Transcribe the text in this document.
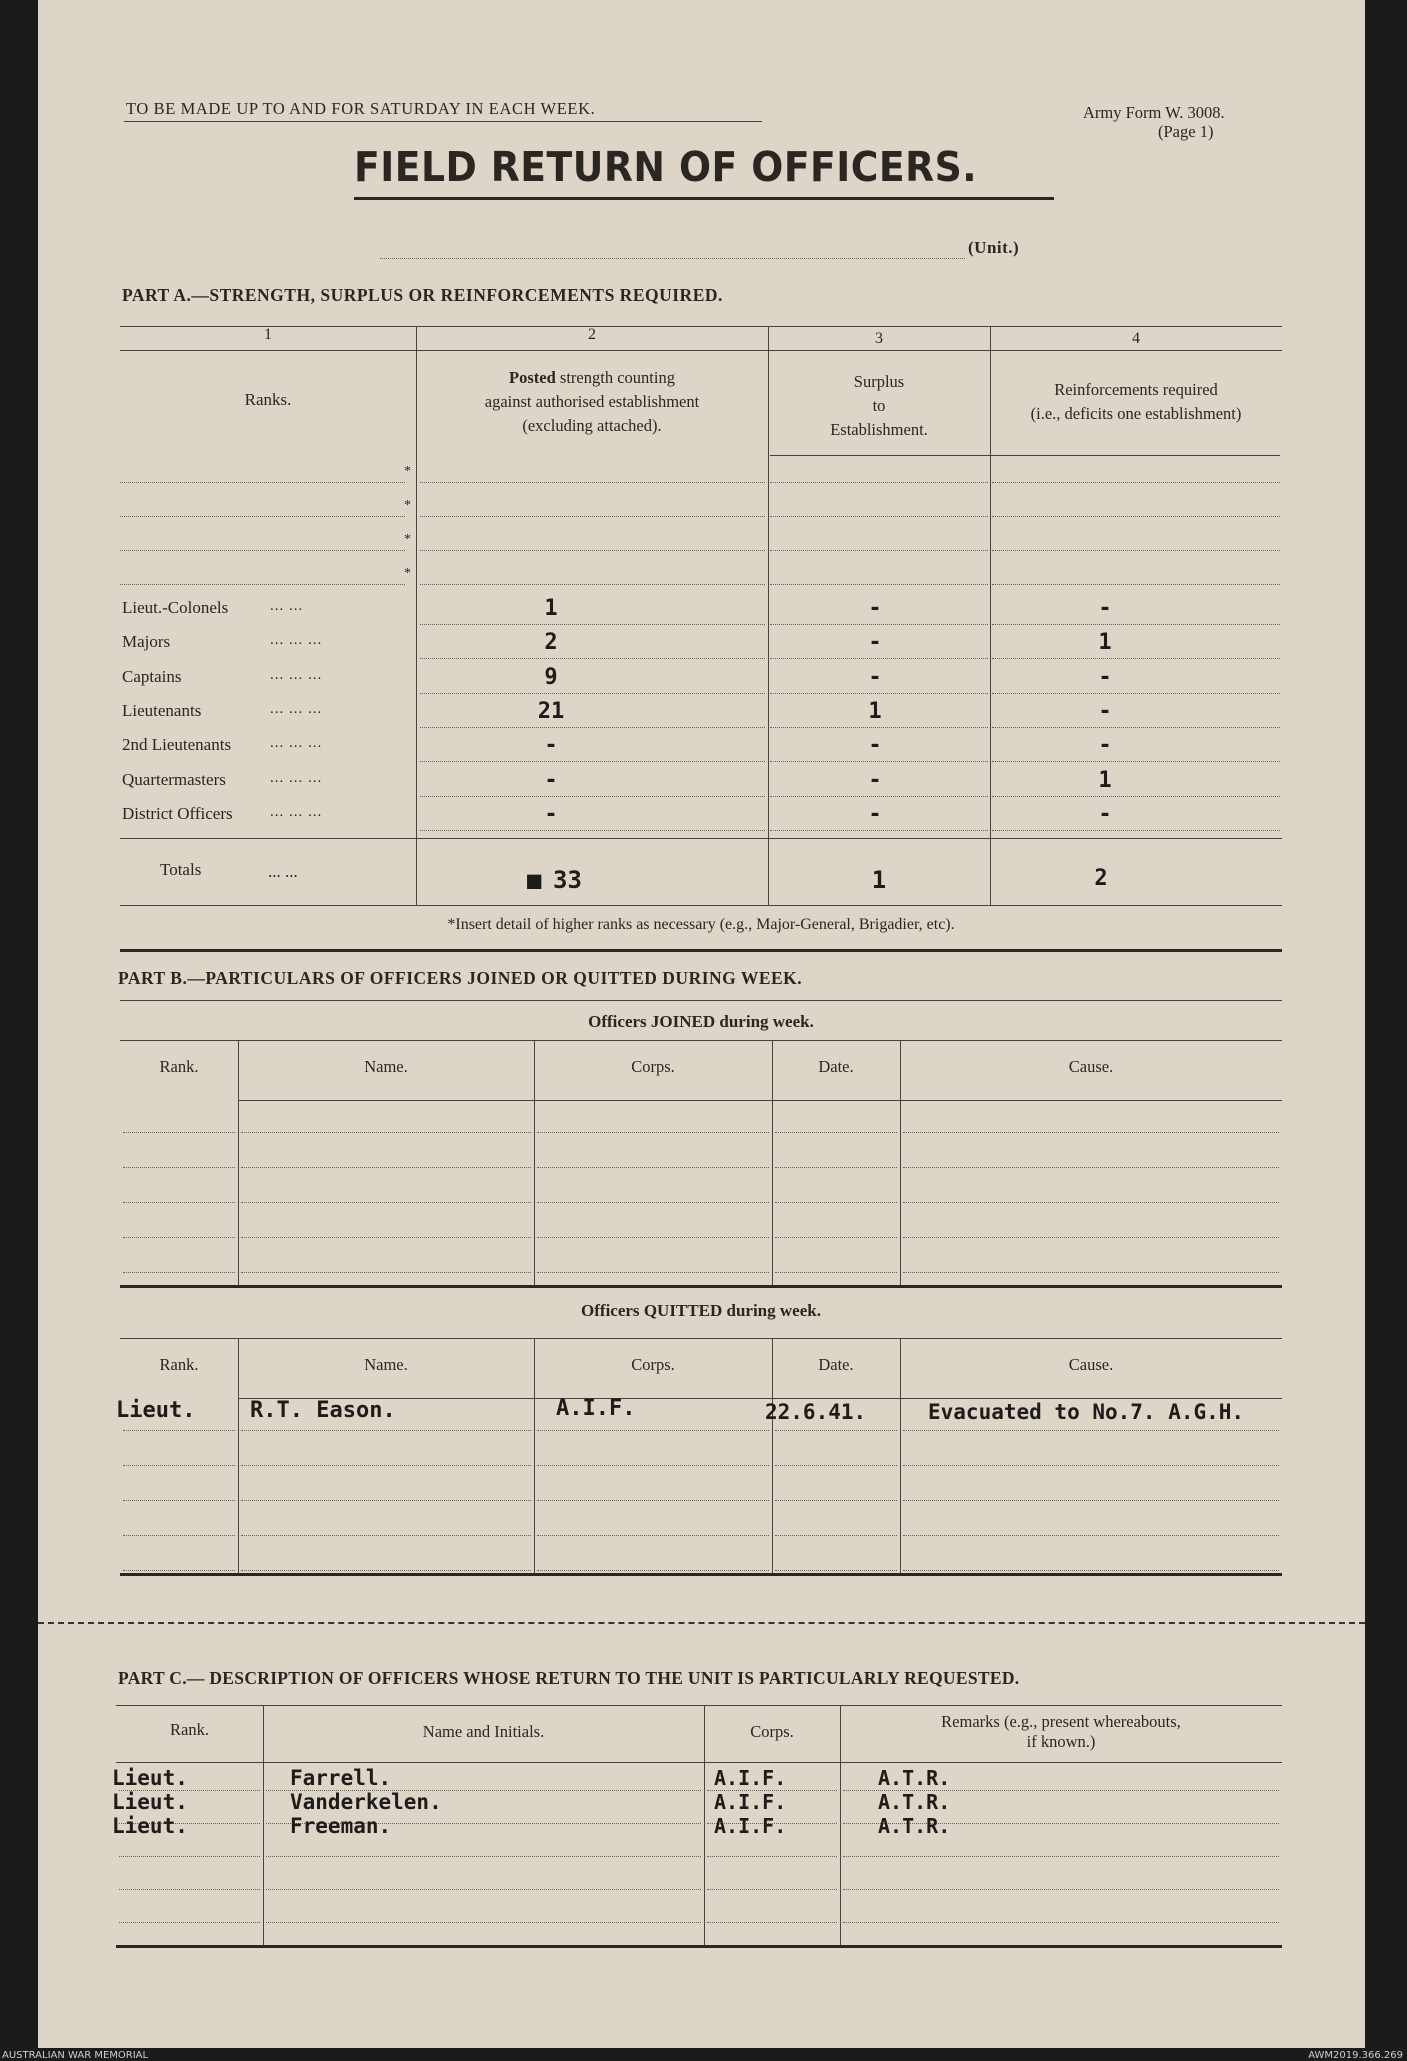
TO BE MADE UP TO AND FOR SATURDAY IN EACH WEEK.	Army Form W. 3008.
(Page 1)
FIELD RETURN OF OFFICERS.
(Unit.)
PART A.—STRENGTH, SURPLUS OR REINFORCEMENTS REQUIRED.
1	2	3	4
Ranks.
Posted strength counting
against authorised establishment
(excluding attached).
Surplus
to
Establishment.
Reinforcements required
(i.e., deficits one establishment)
*
*
*
*
Lieut.-Colonels	... ...	1	-	-
Majors	... ... ...	2	-	1
Captains	... ... ...	9	-	-
Lieutenants	... ... ...	21	1	-
2nd Lieutenants	... ... ...	-	-	-
Quartermasters	... ... ...	-	-	1
District Officers ... ... ...	-	-	-
Totals	... ...	■ 33	1	2
*Insert detail of higher ranks as necessary (e.g., Major-General, Brigadier, etc).
PART B.—PARTICULARS OF OFFICERS JOINED OR QUITTED DURING WEEK.
Officers JOINED during week.
Rank.	Name.	Corps.	Date.	Cause.
Officers QUITTED during week.
Rank.	Name.	Corps.	Date.	Cause.
Lieut. R.T. Eason.	A.I.F.	22.6.41.	Evacuated to No.7. A.G.H.
PART C.— DESCRIPTION OF OFFICERS WHOSE RETURN TO THE UNIT IS PARTICULARLY REQUESTED.
Rank.	Name and Initials.	Corps.
Remarks (e.g., present whereabouts,
if known.)
Lieut.	Farrell.	A.I.F.	A.T.R.
Lieut.	Vanderkelen.	A.I.F.	A.T.R.
Lieut.	Freeman.	A.I.F.	A.T.R.
AUSTRALIAN WAR MEMORIAL	AWM2019.366.269
